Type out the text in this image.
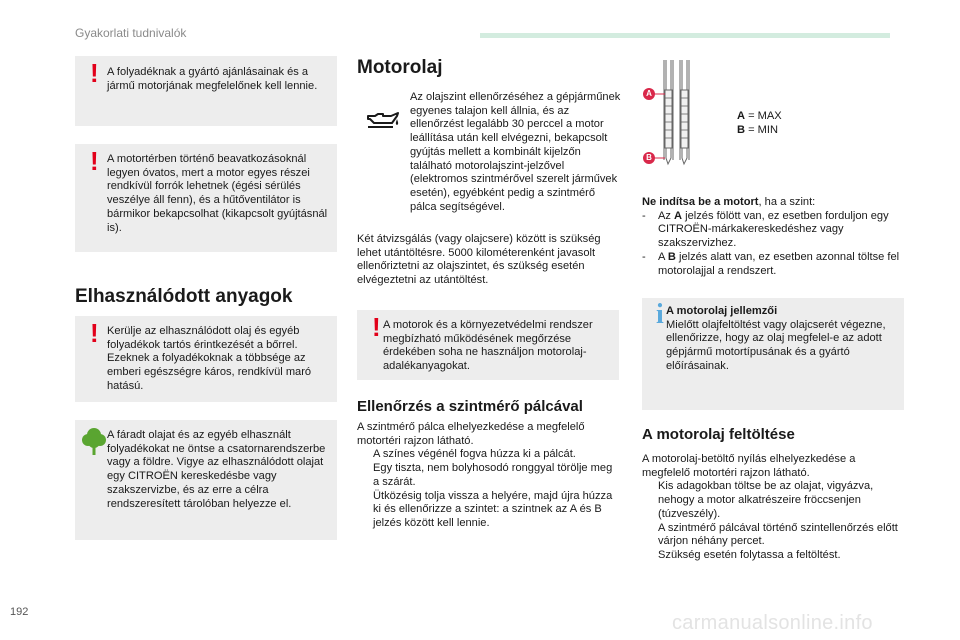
Gyakorlati tudnivalók
! A folyadéknak a gyártó ajánlásainak és a jármű motorjának megfelelőnek kell lennie.
! A motortérben történő beavatkozásoknál legyen óvatos, mert a motor egyes részei rendkívül forrók lehetnek (égési sérülés veszélye áll fenn), és a hűtőventilátor is bármikor bekapcsolhat (kikapcsolt gyújtásnál is).
Elhasználódott anyagok
! Kerülje az elhasználódott olaj és egyéb folyadékok tartós érintkezését a bőrrel. Ezeknek a folyadékoknak a többsége az emberi egészségre káros, rendkívül maró hatású.
A fáradt olajat és az egyéb elhasznált folyadékokat ne öntse a csatornarendszerbe vagy a földre. Vigye az elhasználódott olajat egy CITROËN kereskedésbe vagy szakszervizbe, és az erre a célra rendszeresített tárolóban helyezze el.
192
Motorolaj
Az olajszint ellenőrzéséhez a gépjárműnek egyenes talajon kell állnia, és az ellenőrzést legalább 30 perccel a motor leállítása után kell elvégezni, bekapcsolt gyújtás mellett a kombinált kijelzőn található motorolajszint-jelzővel (elektromos szintmérővel szerelt járművek esetén), egyébként pedig a szintmérő pálca segítségével.
Két átvizsgálás (vagy olajcsere) között is szükség lehet utántöltésre. 5000 kilométerenként javasolt ellenőriztetni az olajszintet, és szükség esetén elvégeztetni az utántöltést.
! A motorok és a környezetvédelmi rendszer megbízható működésének megőrzése érdekében soha ne használjon motorolaj-adalékanyagokat.
Ellenőrzés a szintmérő pálcával
A szintmérő pálca elhelyezkedése a megfelelő motortéri rajzon látható.
A színes végénél fogva húzza ki a pálcát.
Egy tiszta, nem bolyhosodó ronggyal törölje meg a szárát.
Ütközésig tolja vissza a helyére, majd újra húzza ki és ellenőrizze a szintet: a szintnek az A és B jelzés között kell lennie.
A
B
A = MAX
B = MIN
Ne indítsa be a motort, ha a szint:
- Az A jelzés fölött van, ez esetben forduljon egy CITROËN-márkakereskedéshez vagy szakszervizhez.
- A B jelzés alatt van, ez esetben azonnal töltse fel motorolajjal a rendszert.
i A motorolaj jellemzői
Mielőtt olajfeltöltést vagy olajcserét végezne, ellenőrizze, hogy az olaj megfelel-e az adott gépjármű motortípusának és a gyártó előírásainak.
A motorolaj feltöltése
A motorolaj-betöltő nyílás elhelyezkedése a megfelelő motortéri rajzon látható.
Kis adagokban töltse be az olajat, vigyázva, nehogy a motor alkatrészeire fröccsenjen (túzveszély).
A szintmérő pálcával történő szintellenőrzés előtt várjon néhány percet.
Szükség esetén folytassa a feltöltést.
carmanualsonline.info
